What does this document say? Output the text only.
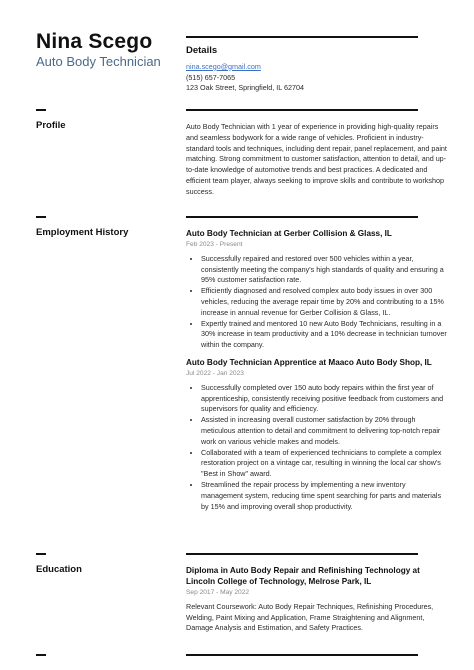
Nina Scego
Auto Body Technician
Details
nina.scego@gmail.com
(515) 657-7065
123 Oak Street, Springfield, IL 62704
Profile	Auto Body Technician with 1 year of experience in providing high-quality repairs and seamless bodywork for a wide range of vehicles. Proficient in industry-standard tools and techniques, including dent repair, panel replacement, and paint matching. Strong commitment to customer satisfaction, attention to detail, and up-to-date knowledge of automotive trends and best practices. A dedicated and efficient team player, always seeking to improve skills and contribute to workshop success.
Employment History	Auto Body Technician at Gerber Collision & Glass, IL
Feb 2023 - Present
• Successfully repaired and restored over 500 vehicles within a year, consistently meeting the company's high standards of quality and ensuring a 95% customer satisfaction rate.
• Efficiently diagnosed and resolved complex auto body issues in over 300 vehicles, reducing the average repair time by 20% and contributing to a 15% increase in annual revenue for Gerber Collision & Glass, IL.
• Expertly trained and mentored 10 new Auto Body Technicians, resulting in a 30% increase in team productivity and a 10% decrease in technician turnover within the company.
Auto Body Technician Apprentice at Maaco Auto Body Shop, IL
Jul 2022 - Jan 2023
• Successfully completed over 150 auto body repairs within the first year of apprenticeship, consistently receiving positive feedback from customers and supervisors for quality and efficiency.
• Assisted in increasing overall customer satisfaction by 20% through meticulous attention to detail and commitment to delivering top-notch repair work on various vehicle makes and models.
• Collaborated with a team of experienced technicians to complete a complex restoration project on a vintage car, resulting in winning the local car show's "Best in Show" award.
• Streamlined the repair process by implementing a new inventory management system, reducing time spent searching for parts and materials by 15% and improving overall shop productivity.
Education	Diploma in Auto Body Repair and Refinishing Technology at Lincoln College of Technology, Melrose Park, IL
Sep 2017 - May 2022
Relevant Coursework: Auto Body Repair Techniques, Refinishing Procedures, Welding, Paint Mixing and Application, Frame Straightening and Alignment, Damage Analysis and Estimation, and Safety Practices.
